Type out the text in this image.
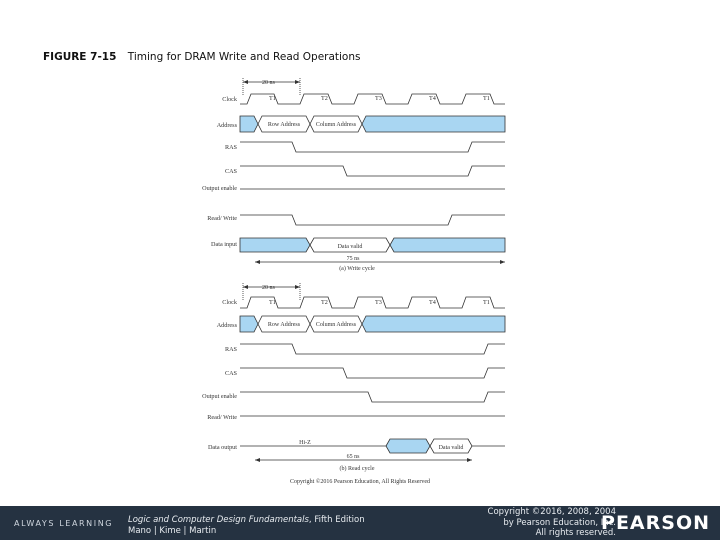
FIGURE 7-15 Timing for DRAM Write and Read Operations
20 ns
T1	T2	T3	T4	T1
Clock
Address
RAS
CAS
Output enable
Read/ Write
Data input
Row Address	Column Address
Data valid
75 ns
(a) Write cycle
20 ns
T1	T2	T3	T4	T1
Clock
Address
RAS
CAS
Output enable
Read/ Write
Data output
Row Address	Column Address
Hi-Z
Data valid
65 ns
(b) Read cycle
Copyright ©2016 Pearson Education, All Rights Reserved
ALWAYS LEARNING Logic and Computer Design Fundamentals, Fifth Edition
Mano | Kime | Martin
Copyright ©2016, 2008, 2004
by Pearson Education, Inc.
All rights reserved.
PEARSON
